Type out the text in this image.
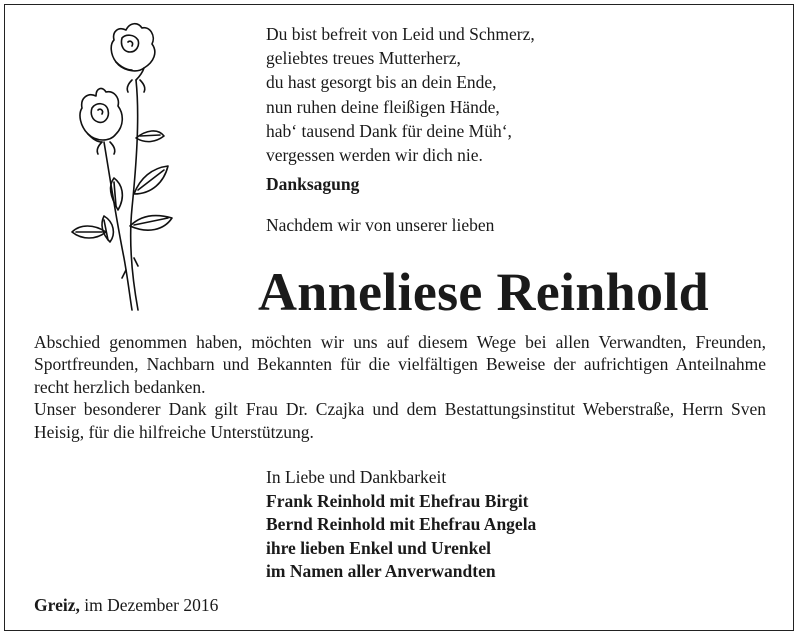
Du bist befreit von Leid und Schmerz,
geliebtes treues Mutterherz,
du hast gesorgt bis an dein Ende,
nun ruhen deine fleißigen Hände,
hab‘ tausend Dank für deine Müh‘,
vergessen werden wir dich nie.
Danksagung
Nachdem wir von unserer lieben
Anneliese Reinhold

Abschied genommen haben, möchten wir uns auf diesem Wege bei allen Verwandten, Freunden, Sportfreunden, Nachbarn und Bekannten für die vielfältigen Beweise der aufrichtigen Anteilnahme recht herzlich bedanken.

Unser besonderer Dank gilt Frau Dr. Czajka und dem Bestattungsinstitut Weberstraße, Herrn Sven Heisig, für die hilfreiche Unterstützung.

In Liebe und Dankbarkeit
Frank Reinhold mit Ehefrau Birgit
Bernd Reinhold mit Ehefrau Angela
ihre lieben Enkel und Urenkel
im Namen aller Anverwandten
Greiz, im Dezember 2016
